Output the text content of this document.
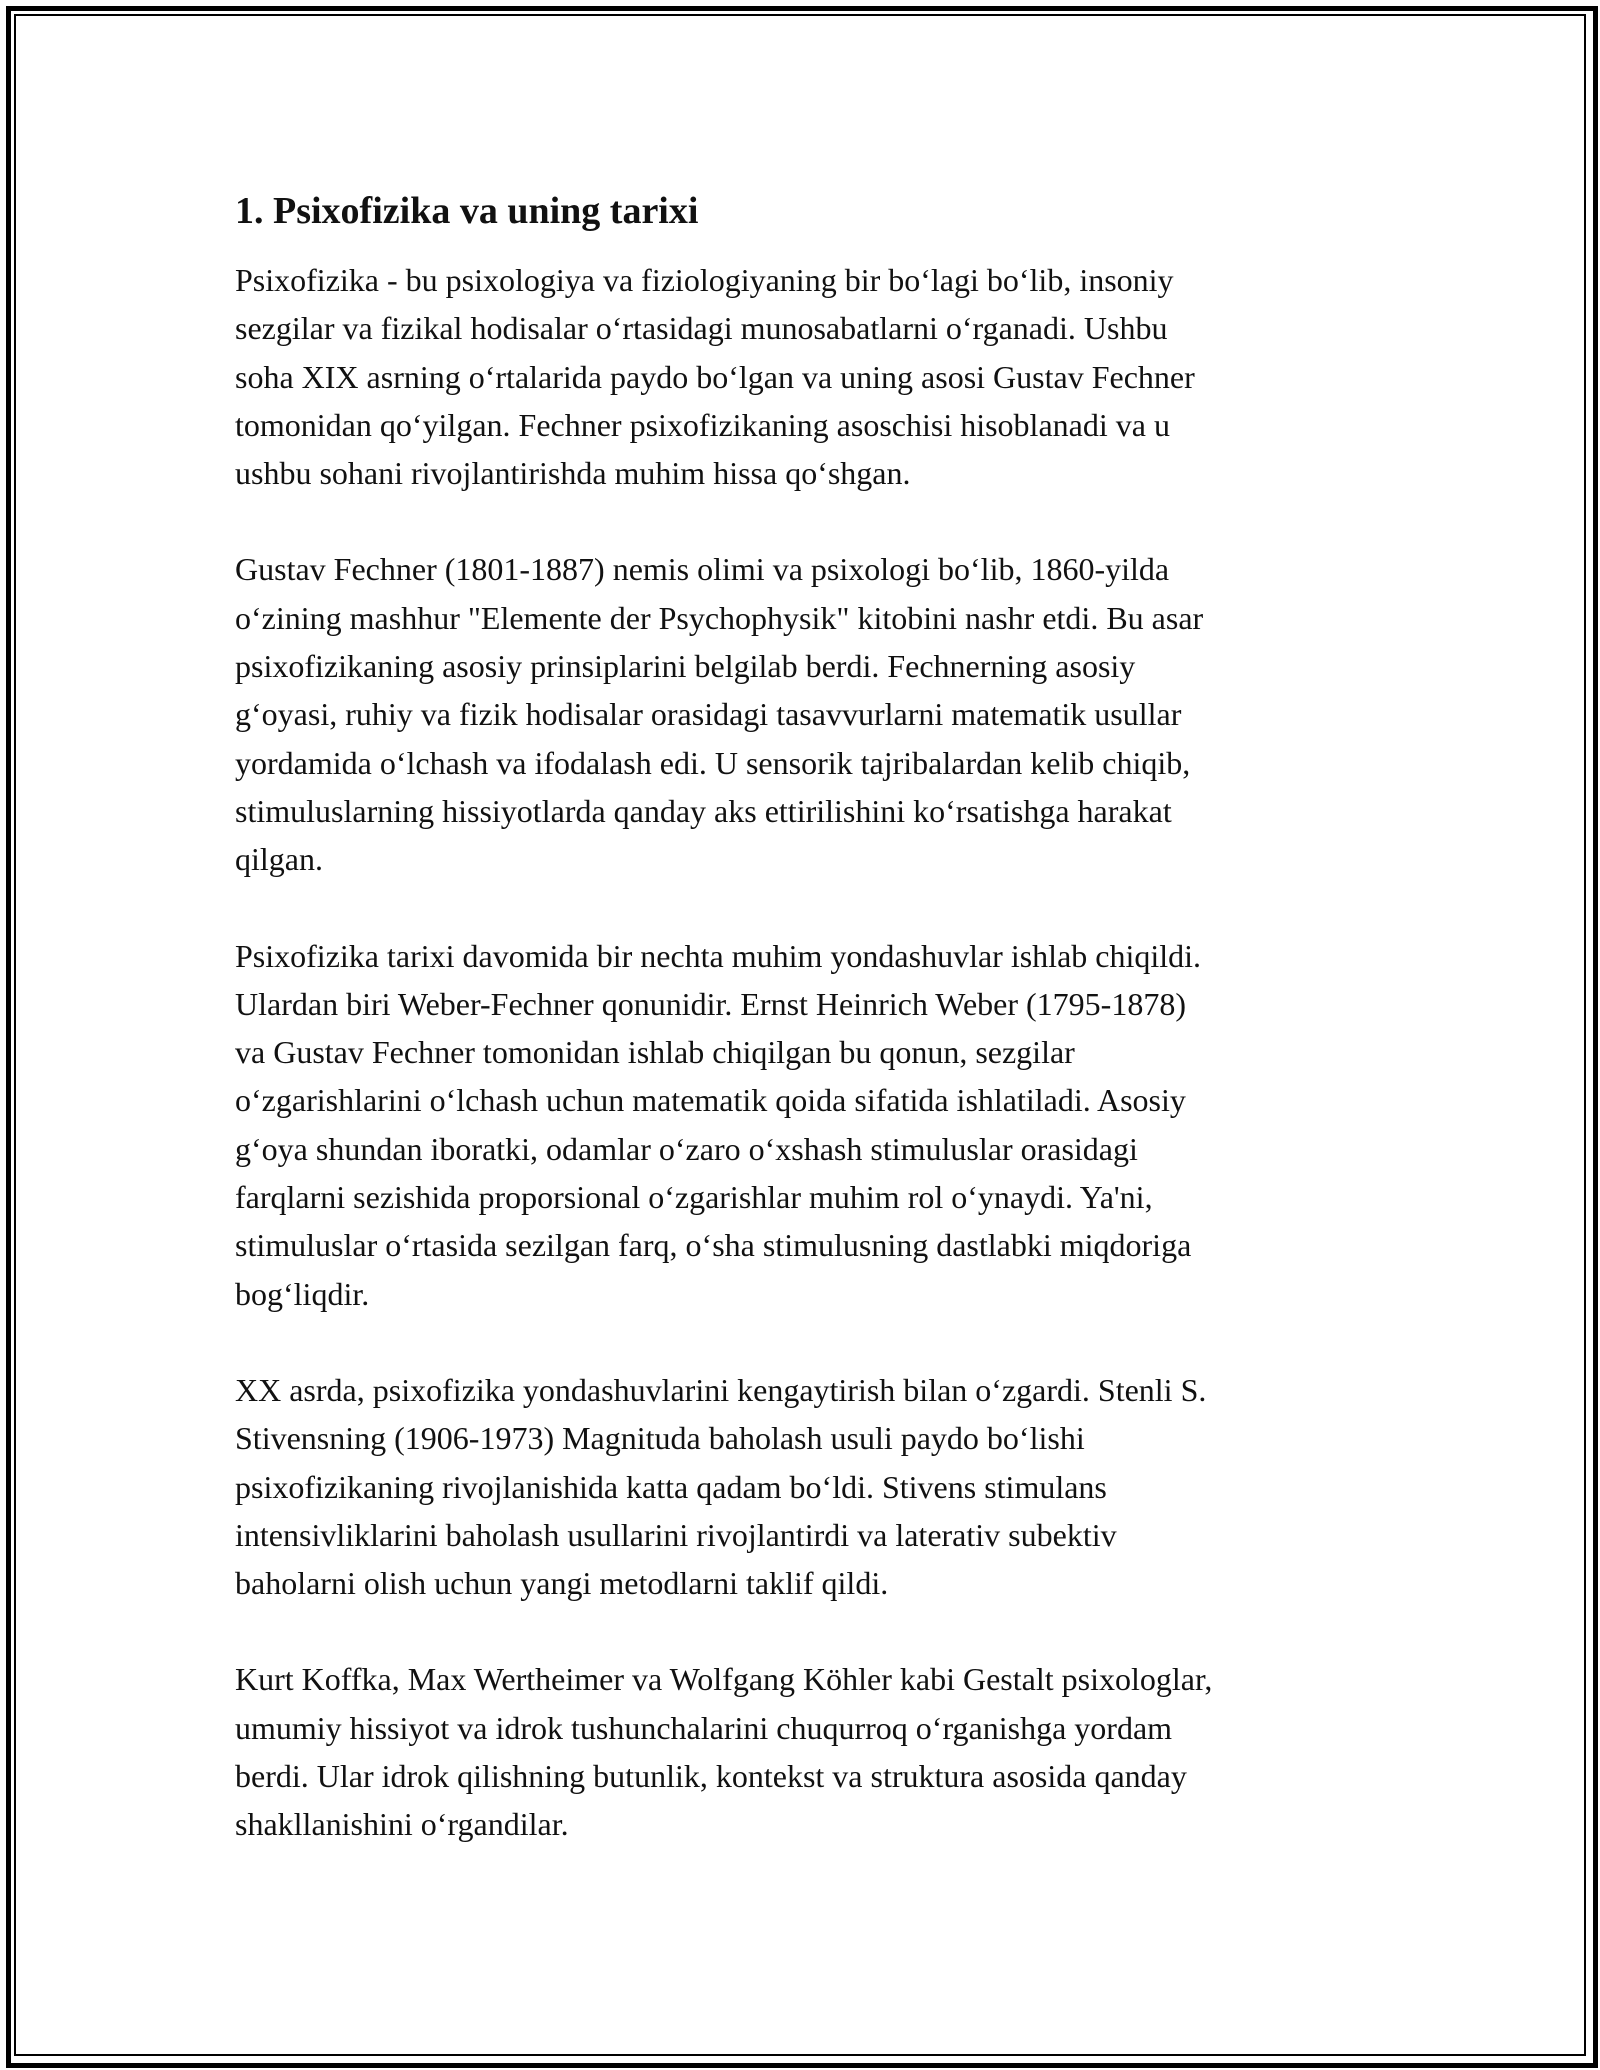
1. Psixofizika va uning tarixi

Psixofizika - bu psixologiya va fiziologiyaning bir bo‘lagi bo‘lib, insoniy
sezgilar va fizikal hodisalar o‘rtasidagi munosabatlarni o‘rganadi. Ushbu
soha XIX asrning o‘rtalarida paydo bo‘lgan va uning asosi Gustav Fechner
tomonidan qo‘yilgan. Fechner psixofizikaning asoschisi hisoblanadi va u
ushbu sohani rivojlantirishda muhim hissa qo‘shgan.

Gustav Fechner (1801-1887) nemis olimi va psixologi bo‘lib, 1860-yilda
o‘zining mashhur "Elemente der Psychophysik" kitobini nashr etdi. Bu asar
psixofizikaning asosiy prinsiplarini belgilab berdi. Fechnerning asosiy
g‘oyasi, ruhiy va fizik hodisalar orasidagi tasavvurlarni matematik usullar
yordamida o‘lchash va ifodalash edi. U sensorik tajribalardan kelib chiqib,
stimuluslarning hissiyotlarda qanday aks ettirilishini ko‘rsatishga harakat
qilgan.

Psixofizika tarixi davomida bir nechta muhim yondashuvlar ishlab chiqildi.
Ulardan biri Weber-Fechner qonunidir. Ernst Heinrich Weber (1795-1878)
va Gustav Fechner tomonidan ishlab chiqilgan bu qonun, sezgilar
o‘zgarishlarini o‘lchash uchun matematik qoida sifatida ishlatiladi. Asosiy
g‘oya shundan iboratki, odamlar o‘zaro o‘xshash stimuluslar orasidagi
farqlarni sezishida proporsional o‘zgarishlar muhim rol o‘ynaydi. Ya'ni,
stimuluslar o‘rtasida sezilgan farq, o‘sha stimulusning dastlabki miqdoriga
bog‘liqdir.

XX asrda, psixofizika yondashuvlarini kengaytirish bilan o‘zgardi. Stenli S.
Stivensning (1906-1973) Magnituda baholash usuli paydo bo‘lishi
psixofizikaning rivojlanishida katta qadam bo‘ldi. Stivens stimulans
intensivliklarini baholash usullarini rivojlantirdi va laterativ subektiv
baholarni olish uchun yangi metodlarni taklif qildi.

Kurt Koffka, Max Wertheimer va Wolfgang Köhler kabi Gestalt psixologlar,
umumiy hissiyot va idrok tushunchalarini chuqurroq o‘rganishga yordam
berdi. Ular idrok qilishning butunlik, kontekst va struktura asosida qanday
shakllanishini o‘rgandilar.
